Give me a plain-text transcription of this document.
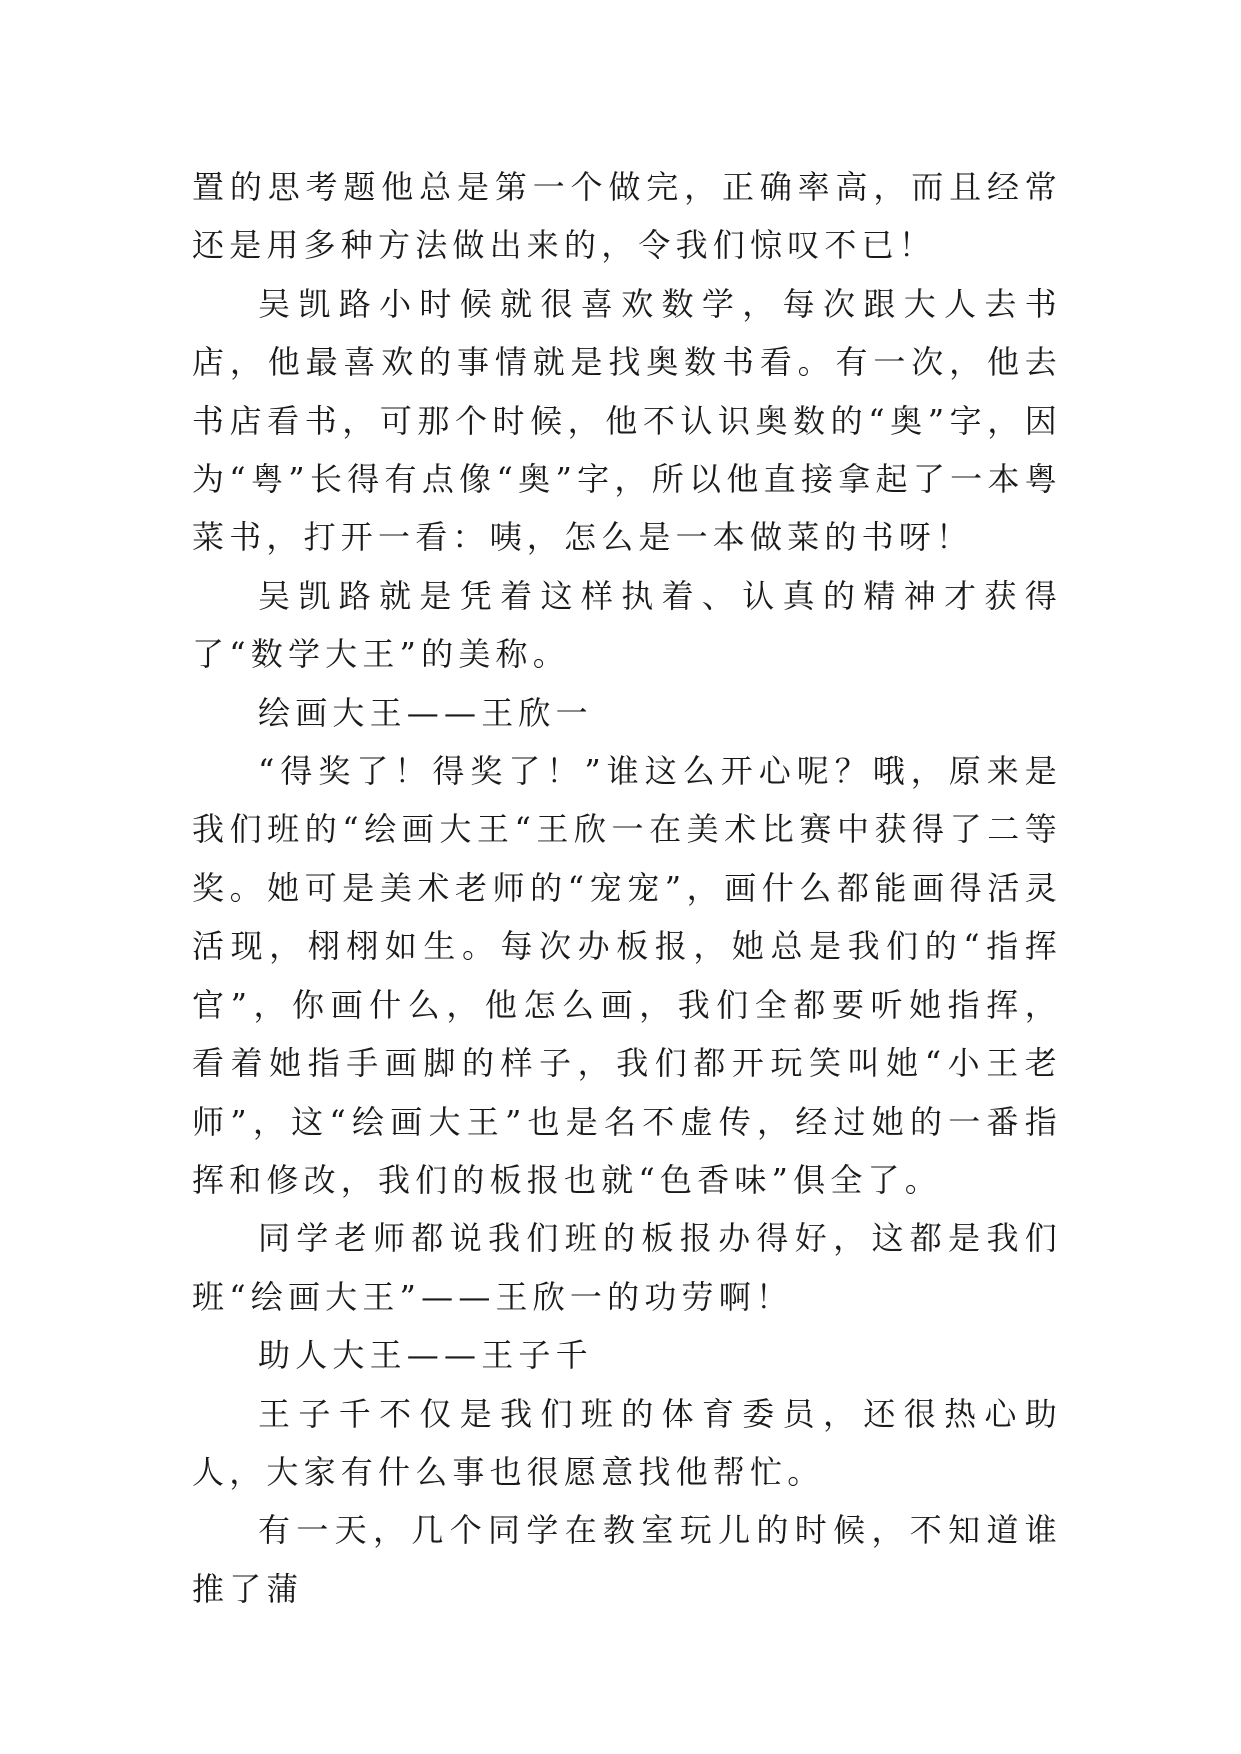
置的思考题他总是第一个做完，正确率高，而且经常还是用多种方法做出来的，令我们惊叹不已！

吴凯路小时候就很喜欢数学，每次跟大人去书店，他最喜欢的事情就是找奥数书看。有一次，他去书店看书，可那个时候，他不认识奥数的“奥”字，因为“粤”长得有点像“奥”字，所以他直接拿起了一本粤菜书，打开一看：咦，怎么是一本做菜的书呀！

吴凯路就是凭着这样执着、认真的精神才获得了“数学大王”的美称。

绘画大王——王欣一

“得奖了！得奖了！”谁这么开心呢？哦，原来是我们班的“绘画大王“王欣一在美术比赛中获得了二等奖。她可是美术老师的“宠宠”，画什么都能画得活灵活现，栩栩如生。每次办板报，她总是我们的“指挥官”，你画什么，他怎么画，我们全都要听她指挥，看着她指手画脚的样子，我们都开玩笑叫她“小王老师”，这“绘画大王”也是名不虚传，经过她的一番指挥和修改，我们的板报也就“色香味”俱全了。

同学老师都说我们班的板报办得好，这都是我们班“绘画大王”——王欣一的功劳啊！

助人大王——王子千

王子千不仅是我们班的体育委员，还很热心助人，大家有什么事也很愿意找他帮忙。

有一天，几个同学在教室玩儿的时候，不知道谁推了蒲
